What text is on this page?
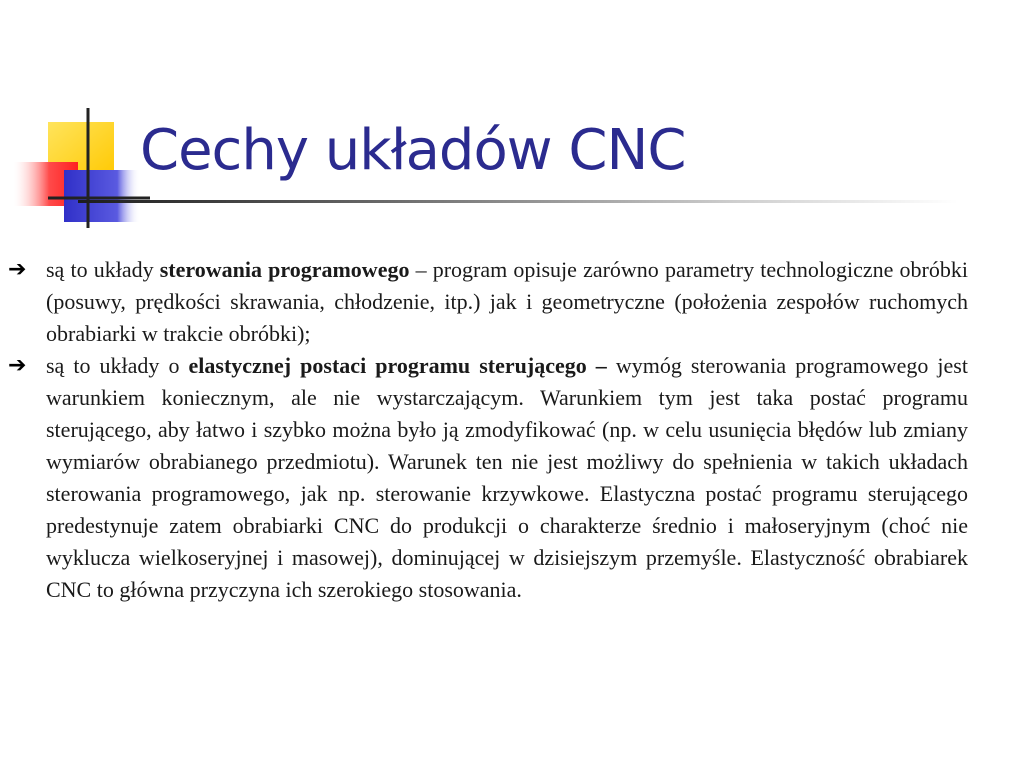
Cechy układów CNC
➔ są to układy sterowania programowego – program opisuje zarówno parametry technologiczne obróbki (posuwy, prędkości skrawania, chłodzenie, itp.) jak i geometryczne (położenia zespołów ruchomych obrabiarki w trakcie obróbki);
➔ są to układy o elastycznej postaci programu sterującego – wymóg sterowania programowego jest warunkiem koniecznym, ale nie wystarczającym. Warunkiem tym jest taka postać programu sterującego, aby łatwo i szybko można było ją zmodyfikować (np. w celu usunięcia błędów lub zmiany wymiarów obrabianego przedmiotu). Warunek ten nie jest możliwy do spełnienia w takich układach sterowania programowego, jak np. sterowanie krzywkowe. Elastyczna postać programu sterującego predestynuje zatem obrabiarki CNC do produkcji o charakterze średnio i małoseryjnym (choć nie wyklucza wielkoseryjnej i masowej), dominującej w dzisiejszym przemyśle. Elastyczność obrabiarek CNC to główna przyczyna ich szerokiego stosowania.
